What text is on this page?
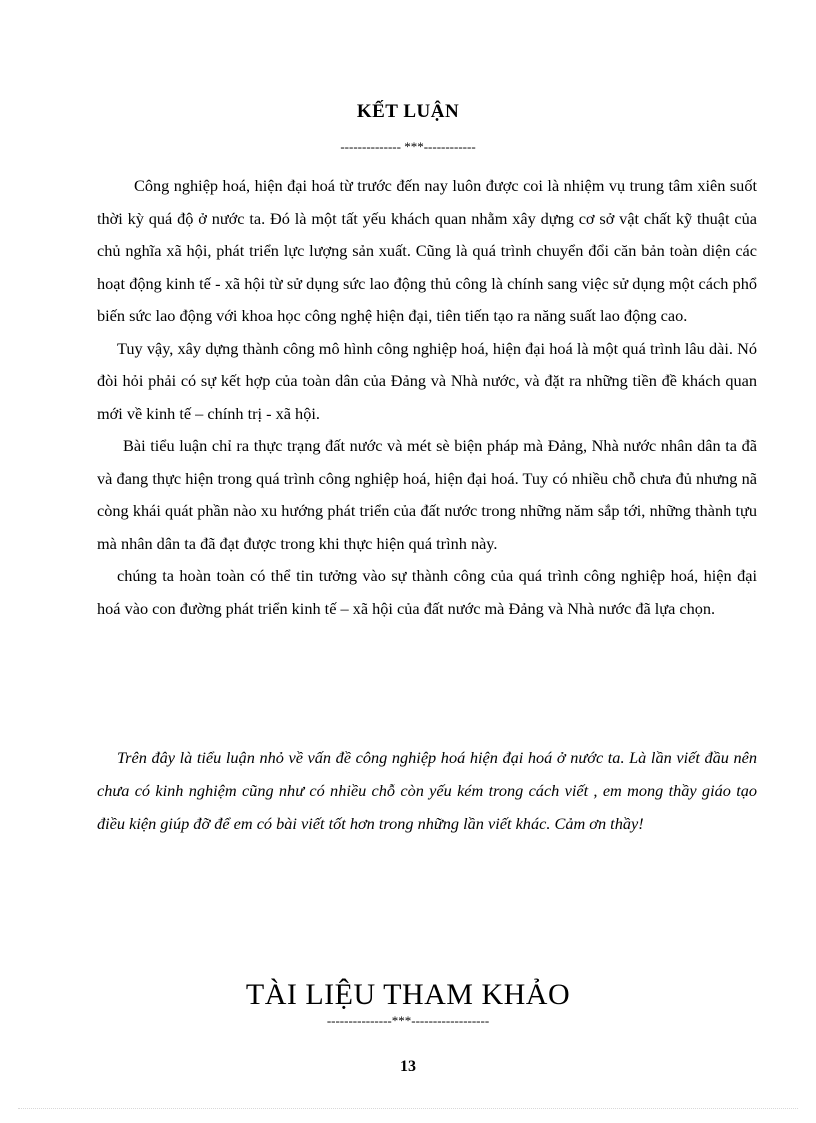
KẾT LUẬN
-------------- ***------------

Công nghiệp hoá, hiện đại hoá từ trước đến nay luôn được coi là nhiệm vụ trung tâm xiên suốt thời kỳ quá độ ở nước ta. Đó là một tất yếu khách quan nhằm xây dựng cơ sở vật chất kỹ thuật của chủ nghĩa xã hội, phát triển lực lượng sản xuất. Cũng là quá trình chuyển đổi căn bản toàn diện các hoạt động kinh tế - xã hội từ sử dụng sức lao động thủ công là chính sang việc sử dụng một cách phổ biến sức lao động với khoa học công nghệ hiện đại, tiên tiến tạo ra năng suất lao động cao.

Tuy vậy, xây dựng thành công mô hình công nghiệp hoá, hiện đại hoá là một quá trình lâu dài. Nó đòi hỏi phải có sự kết hợp của toàn dân của Đảng và Nhà nước, và đặt ra những tiền đề khách quan mới về kinh tế – chính trị - xã hội.

Bài tiểu luận chỉ ra thực trạng đất nước và mét sè biện pháp mà Đảng, Nhà nước nhân dân ta đã và đang thực hiện trong quá trình công nghiệp hoá, hiện đại hoá. Tuy có nhiều chỗ chưa đủ nhưng nã còng khái quát phần nào xu hướng phát triển của đất nước trong những năm sắp tới, những thành tựu mà nhân dân ta đã đạt được trong khi thực hiện quá trình này.

chúng ta hoàn toàn có thể tin tưởng vào sự thành công của quá trình công nghiệp hoá, hiện đại hoá vào con đường phát triển kinh tế – xã hội của đất nước mà Đảng và Nhà nước đã lựa chọn.

Trên đây là tiểu luận nhỏ về vấn đề công nghiệp hoá hiện đại hoá ở nước ta. Là lần viết đầu nên chưa có kinh nghiệm cũng như có nhiều chỗ còn yếu kém trong cách viết , em mong thầy giáo tạo điều kiện giúp đỡ để em có bài viết tốt hơn trong những lần viết khác. Cảm ơn thầy!

TÀI LIỆU THAM KHẢO
---------------***------------------
13
